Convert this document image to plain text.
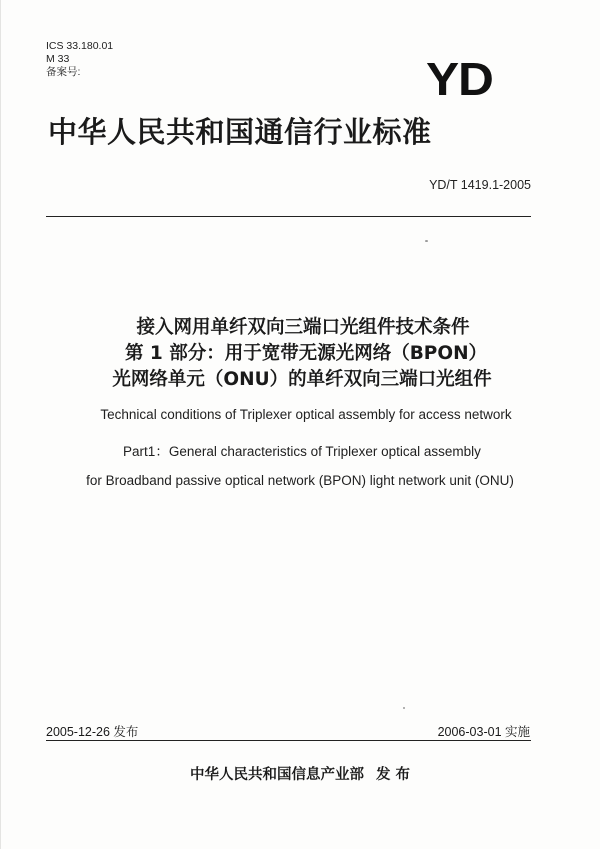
ICS 33.180.01
M 33
备案号:	YD
中华人民共和国通信行业标准
YD/T 1419.1-2005
接入网用单纤双向三端口光组件技术条件
第 1 部分：用于宽带无源光网络（BPON）
光网络单元（ONU）的单纤双向三端口光组件
Technical conditions of Triplexer optical assembly for access network
Part1：General characteristics of Triplexer optical assembly
for Broadband passive optical network (BPON) light network unit (ONU)
2005-12-26 发布	2006-03-01 实施
中华人民共和国信息产业部 发 布
